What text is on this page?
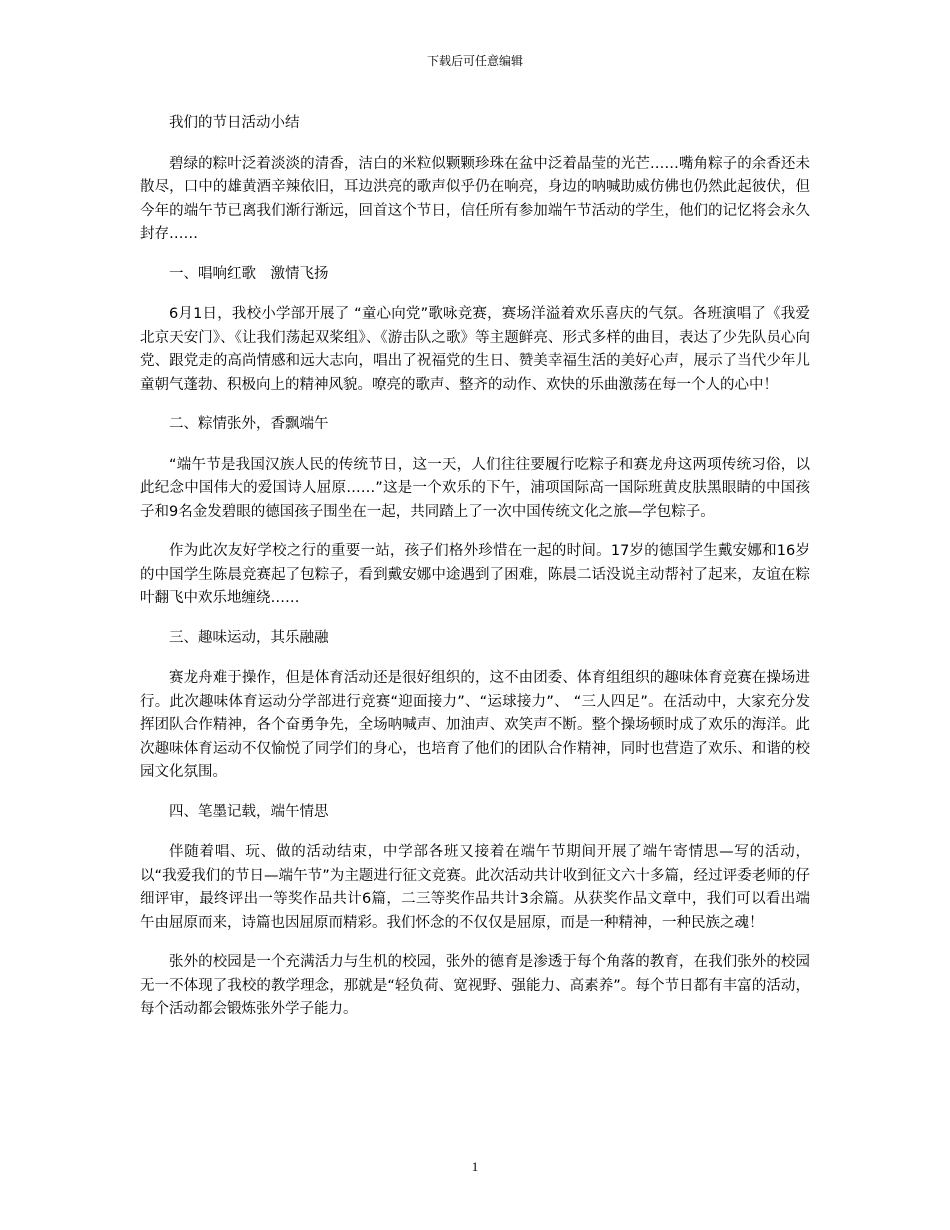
下载后可任意编辑

我们的节日活动小结

碧绿的粽叶泛着淡淡的清香，洁白的米粒似颗颗珍珠在盆中泛着晶莹的光芒……嘴角粽子的余香还未散尽，口中的雄黄酒辛辣依旧，耳边洪亮的歌声似乎仍在响亮，身边的呐喊助威仿佛也仍然此起彼伏，但今年的端午节已离我们渐行渐远，回首这个节日，信任所有参加端午节活动的学生，他们的记忆将会永久封存……

一、唱响红歌　激情飞扬

6月1日，我校小学部开展了 “童心向党”歌咏竞赛，赛场洋溢着欢乐喜庆的气氛。各班演唱了《我爱北京天安门》、《让我们荡起双桨组》、《游击队之歌》等主题鲜亮、形式多样的曲目，表达了少先队员心向党、跟党走的高尚情感和远大志向，唱出了祝福党的生日、赞美幸福生活的美好心声，展示了当代少年儿童朝气蓬勃、积极向上的精神风貌。嘹亮的歌声、整齐的动作、欢快的乐曲激荡在每一个人的心中！

二、粽情张外，香飘端午

“端午节是我国汉族人民的传统节日，这一天，人们往往要履行吃粽子和赛龙舟这两项传统习俗，以此纪念中国伟大的爱国诗人屈原……”这是一个欢乐的下午，浦项国际高一国际班黄皮肤黑眼睛的中国孩子和9名金发碧眼的德国孩子围坐在一起，共同踏上了一次中国传统文化之旅—学包粽子。

作为此次友好学校之行的重要一站，孩子们格外珍惜在一起的时间。17岁的德国学生戴安娜和16岁的中国学生陈晨竞赛起了包粽子，看到戴安娜中途遇到了困难，陈晨二话没说主动帮衬了起来，友谊在粽叶翻飞中欢乐地缠绕……

三、趣味运动，其乐融融

赛龙舟难于操作，但是体育活动还是很好组织的，这不由团委、体育组组织的趣味体育竞赛在操场进行。此次趣味体育运动分学部进行竞赛“迎面接力”、“运球接力”、 “三人四足”。在活动中，大家充分发挥团队合作精神，各个奋勇争先，全场呐喊声、加油声、欢笑声不断。整个操场顿时成了欢乐的海洋。此次趣味体育运动不仅愉悦了同学们的身心，也培育了他们的团队合作精神，同时也营造了欢乐、和谐的校园文化氛围。

四、笔墨记载，端午情思

伴随着唱、玩、做的活动结束，中学部各班又接着在端午节期间开展了端午寄情思—写的活动，以“我爱我们的节日—端午节”为主题进行征文竞赛。此次活动共计收到征文六十多篇，经过评委老师的仔细评审，最终评出一等奖作品共计6篇，二三等奖作品共计3余篇。从获奖作品文章中，我们可以看出端午由屈原而来，诗篇也因屈原而精彩。我们怀念的不仅仅是屈原，而是一种精神，一种民族之魂！

张外的校园是一个充满活力与生机的校园，张外的德育是渗透于每个角落的教育，在我们张外的校园无一不体现了我校的教学理念，那就是“轻负荷、宽视野、强能力、高素养”。每个节日都有丰富的活动，每个活动都会锻炼张外学子能力。

1
